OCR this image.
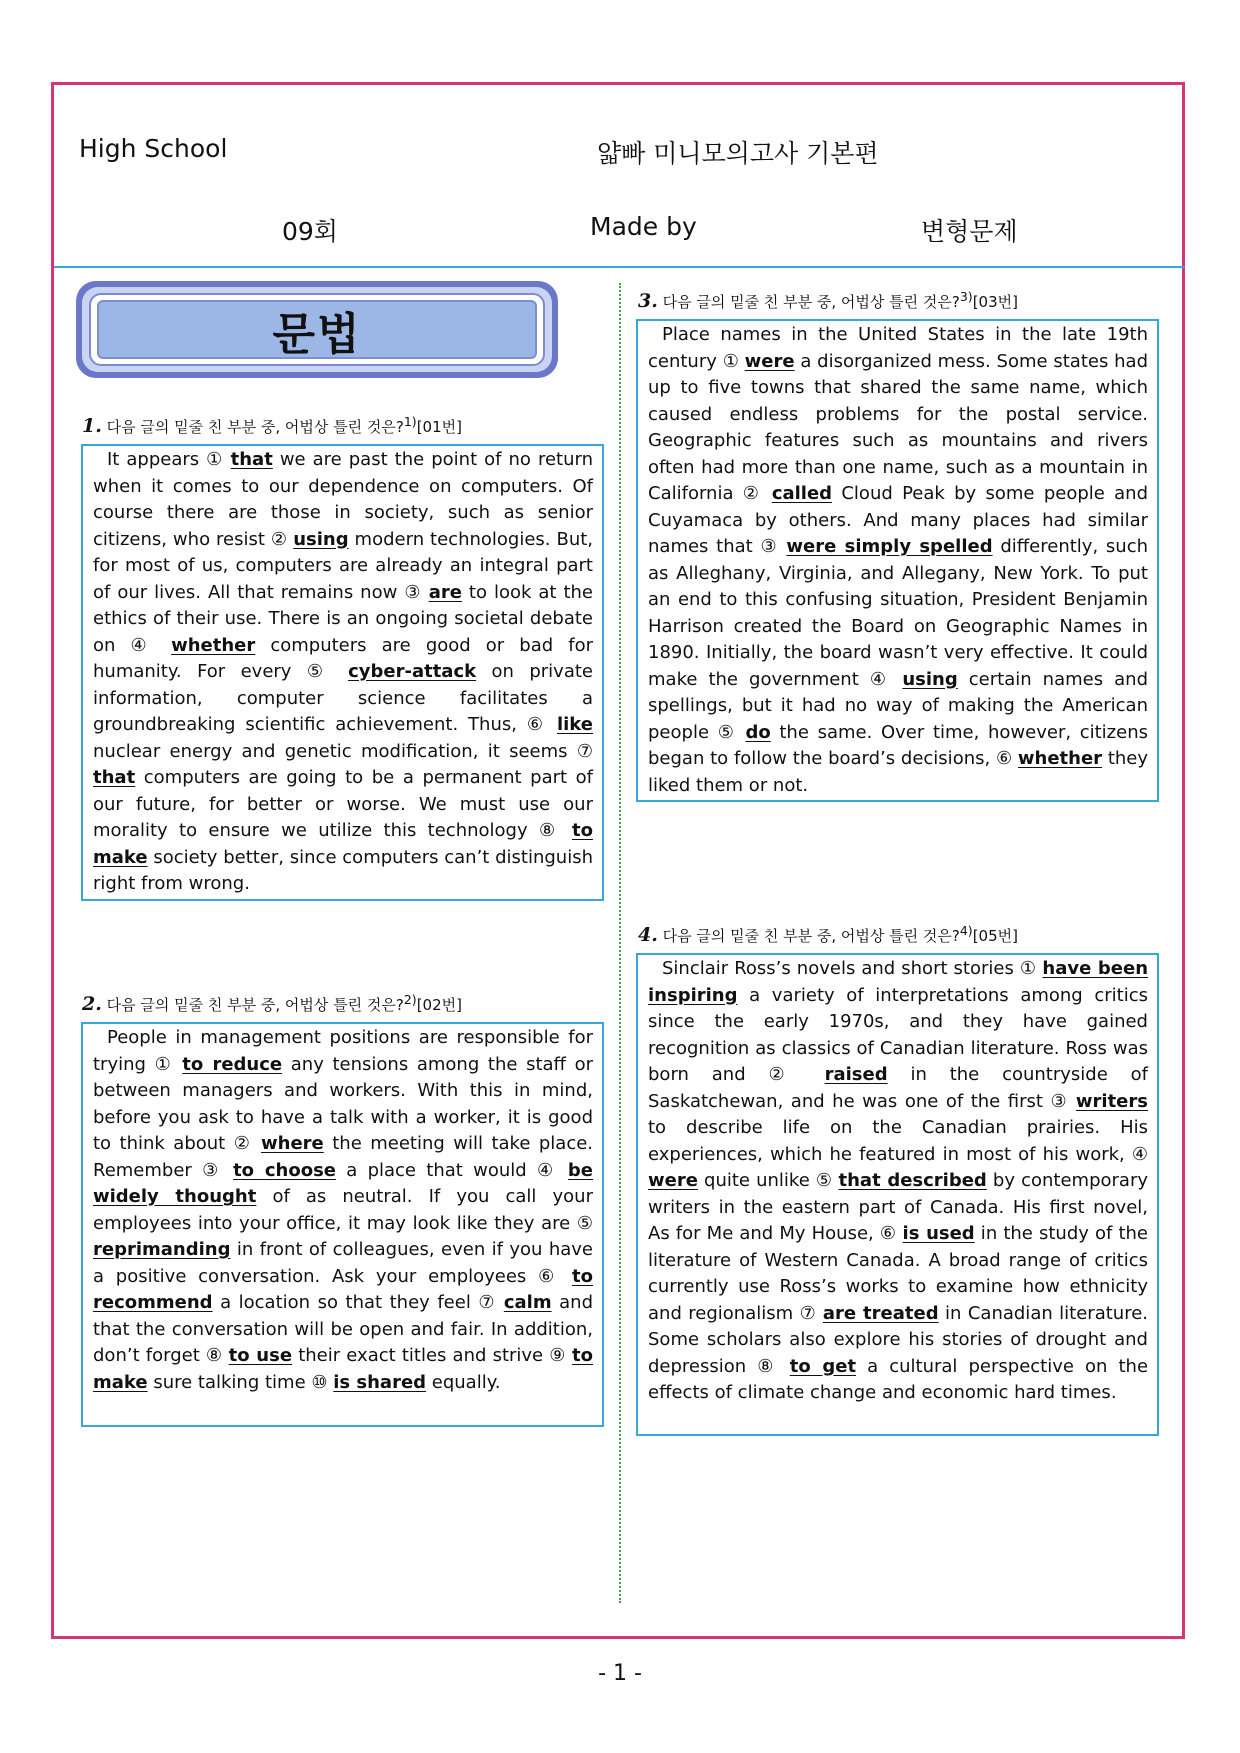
High School	얇빠 미니모의고사 기본편
09회	Made by	변형문제
문법
1. 다음 글의 밑줄 친 부분 중, 어법상 틀린 것은?$^{1)}$[01번]
It appears ① that we are past the point of no return when it comes to our dependence on computers. Of course there are those in society, such as senior citizens, who resist ② using modern technologies. But, for most of us, computers are already an integral part of our lives. All that remains now ③ are to look at the ethics of their use. There is an ongoing societal debate on ④ whether computers are good or bad for humanity. For every ⑤ cyber-attack on private information, computer science facilitates a groundbreaking scientific achievement. Thus, ⑥ like nuclear energy and genetic modification, it seems ⑦ that computers are going to be a permanent part of our future, for better or worse. We must use our morality to ensure we utilize this technology ⑧ to make society better, since computers can’t distinguish right from wrong.
2. 다음 글의 밑줄 친 부분 중, 어법상 틀린 것은?$^{2)}$[02번]
People in management positions are responsible for trying ① to reduce any tensions among the staff or between managers and workers. With this in mind, before you ask to have a talk with a worker, it is good to think about ② where the meeting will take place. Remember ③ to choose a place that would ④ be widely thought of as neutral. If you call your employees into your office, it may look like they are ⑤ reprimanding in front of colleagues, even if you have a positive conversation. Ask your employees ⑥ to recommend a location so that they feel ⑦ calm and that the conversation will be open and fair. In addition, don’t forget ⑧ to use their exact titles and strive ⑨ to make sure talking time ⑩ is shared equally.
3. 다음 글의 밑줄 친 부분 중, 어법상 틀린 것은?$^{3)}$[03번]
Place names in the United States in the late 19th century ① were a disorganized mess. Some states had up to five towns that shared the same name, which caused endless problems for the postal service. Geographic features such as mountains and rivers often had more than one name, such as a mountain in California ② called Cloud Peak by some people and Cuyamaca by others. And many places had similar names that ③ were simply spelled differently, such as Alleghany, Virginia, and Allegany, New York. To put an end to this confusing situation, President Benjamin Harrison created the Board on Geographic Names in 1890. Initially, the board wasn’t very effective. It could make the government ④ using certain names and spellings, but it had no way of making the American people ⑤ do the same. Over time, however, citizens began to follow the board’s decisions, ⑥ whether they liked them or not.
4. 다음 글의 밑줄 친 부분 중, 어법상 틀린 것은?$^{4)}$[05번]
Sinclair Ross’s novels and short stories ① have been inspiring a variety of interpretations among critics since the early 1970s, and they have gained recognition as classics of Canadian literature. Ross was born and ② raised in the countryside of Saskatchewan, and he was one of the first ③ writers to describe life on the Canadian prairies. His experiences, which he featured in most of his work, ④ were quite unlike ⑤ that described by contemporary writers in the eastern part of Canada. His first novel, As for Me and My House, ⑥ is used in the study of the literature of Western Canada. A broad range of critics currently use Ross’s works to examine how ethnicity and regionalism ⑦ are treated in Canadian literature. Some scholars also explore his stories of drought and depression ⑧ to get a cultural perspective on the effects of climate change and economic hard times.
- 1 -
